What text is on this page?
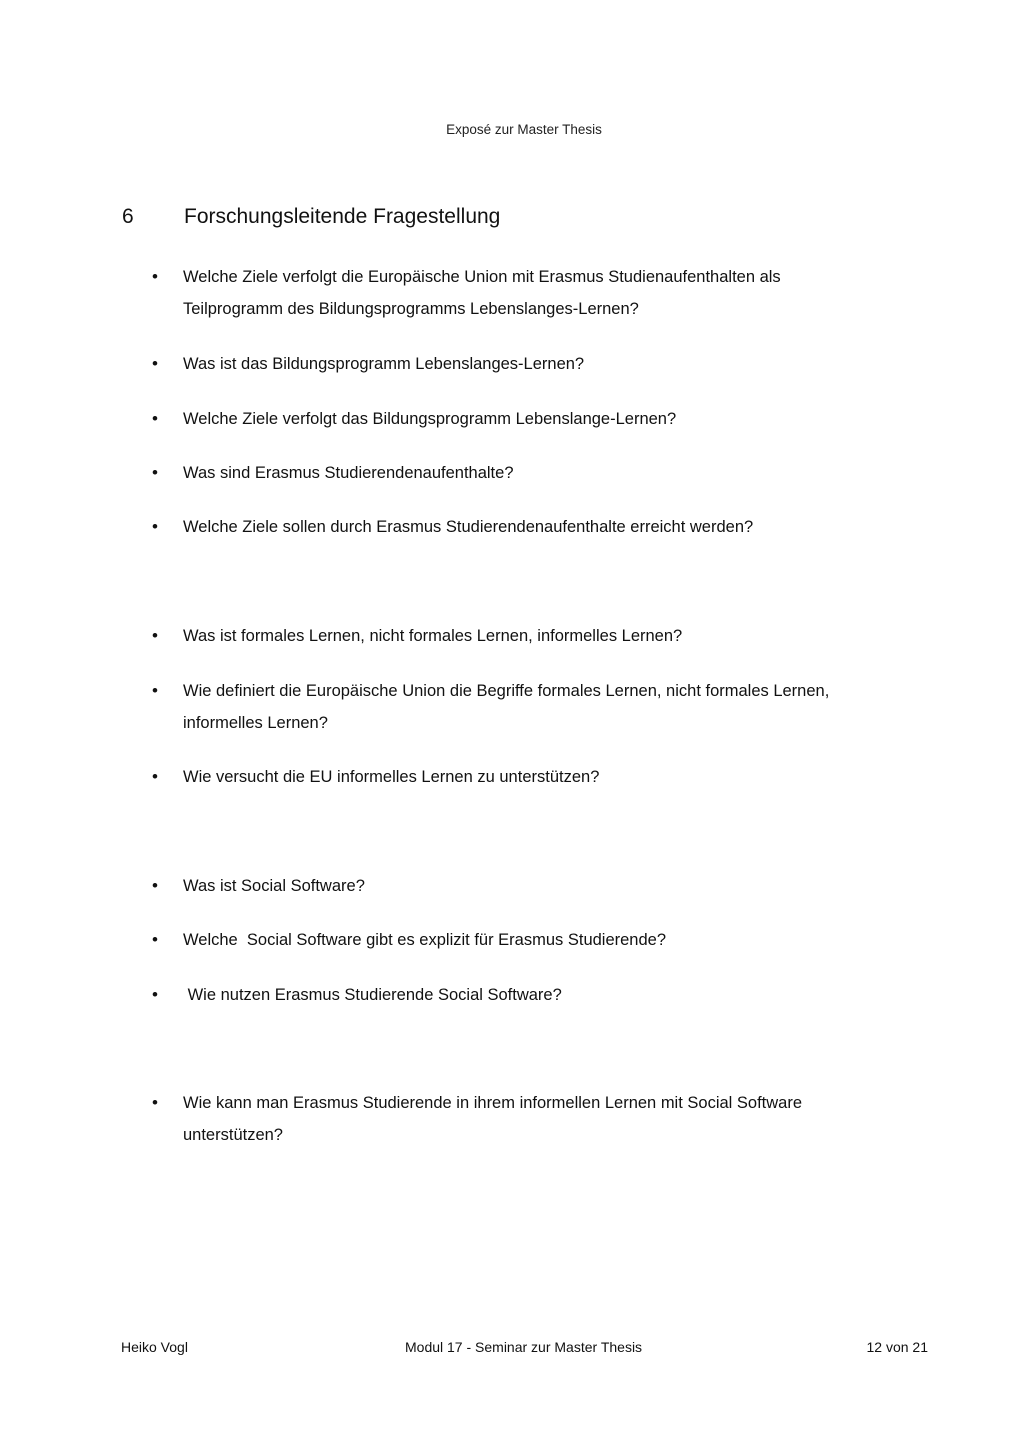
Exposé zur Master Thesis
6 Forschungsleitende Fragestellung
• Welche Ziele verfolgt die Europäische Union mit Erasmus Studienaufenthalten als
Teilprogramm des Bildungsprogramms Lebenslanges-Lernen?
• Was ist das Bildungsprogramm Lebenslanges-Lernen?
• Welche Ziele verfolgt das Bildungsprogramm Lebenslange-Lernen?
• Was sind Erasmus Studierendenaufenthalte?
• Welche Ziele sollen durch Erasmus Studierendenaufenthalte erreicht werden?
• Was ist formales Lernen, nicht formales Lernen, informelles Lernen?
• Wie definiert die Europäische Union die Begriffe formales Lernen, nicht formales Lernen,
informelles Lernen?
• Wie versucht die EU informelles Lernen zu unterstützen?
• Was ist Social Software?
• Welche  Social Software gibt es explizit für Erasmus Studierende?
• Wie nutzen Erasmus Studierende Social Software?
• Wie kann man Erasmus Studierende in ihrem informellen Lernen mit Social Software
unterstützen?
Heiko Vogl	Modul 17 - Seminar zur Master Thesis	12 von 21
